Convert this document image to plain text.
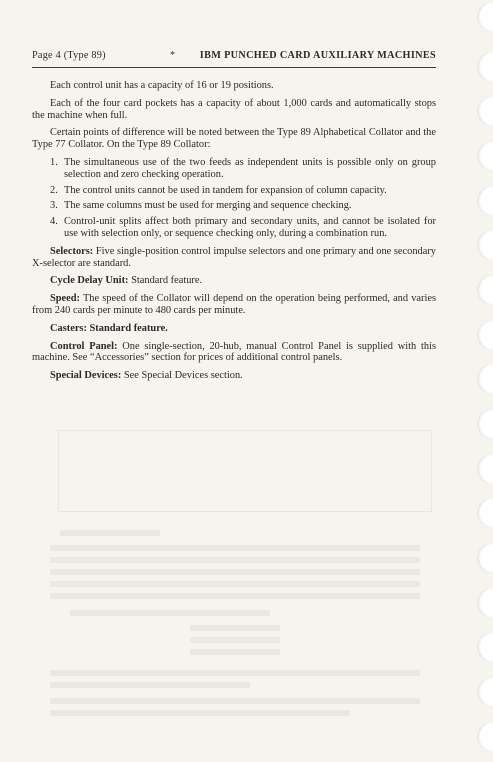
Page 4 (Type 89)	* IBM PUNCHED CARD AUXILIARY MACHINES

Each control unit has a capacity of 16 or 19 positions.

Each of the four card pockets has a capacity of about 1,000 cards and automatically stops the machine when full.

Certain points of difference will be noted between the Type 89 Alphabetical Collator and the Type 77 Collator. On the Type 89 Collator:

1. The simultaneous use of the two feeds as independent units is possible only on group selection and zero checking operation.
2. The control units cannot be used in tandem for expansion of column capacity.
3. The same columns must be used for merging and sequence checking.
4. Control-unit splits affect both primary and secondary units, and cannot be isolated for use with selection only, or sequence checking only, during a combination run.

Selectors: Five single-position control impulse selectors and one primary and one secondary X-selector are standard.

Cycle Delay Unit: Standard feature.

Speed: The speed of the Collator will depend on the operation being performed, and varies from 240 cards per minute to 480 cards per minute.

Casters: Standard feature.

Control Panel: One single-section, 20-hub, manual Control Panel is supplied with this machine. See “Accessories” section for prices of additional control panels.

Special Devices: See Special Devices section.
